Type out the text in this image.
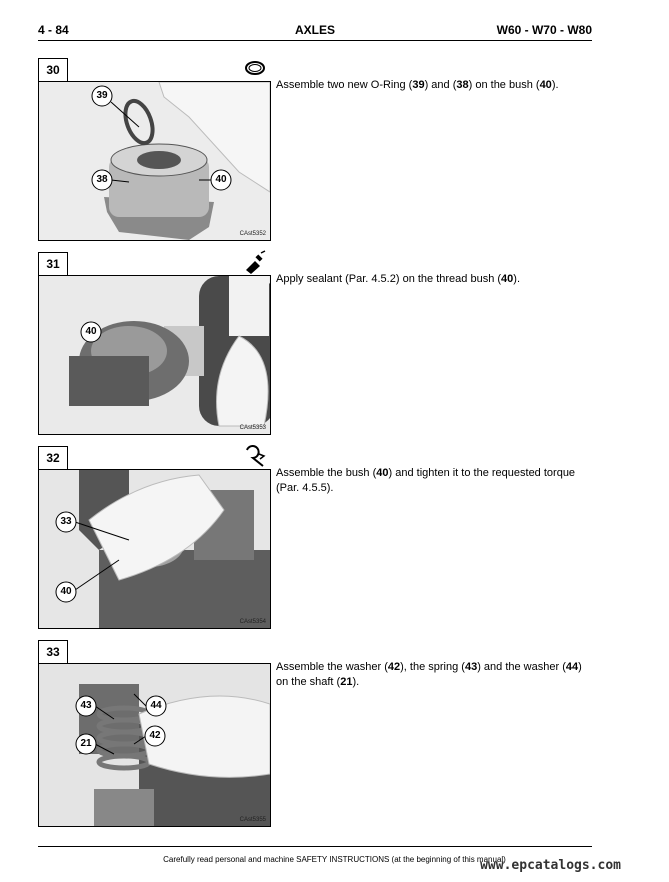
4 - 84	AXLES	W60 - W70 - W80
30
CAst5352
39
38	40
Assemble two new O-Ring (39) and (38) on the bush (40).
31
CAst5353
40
Apply sealant (Par. 4.5.2) on the thread bush (40).
32
CAst5354
33
40
Assemble the bush (40) and tighten it to the requested torque (Par. 4.5.5).
33
CAst5355
43	44
21
42
Assemble the washer (42), the spring (43) and the washer (44) on the shaft (21).
Carefully read personal and machine SAFETY INSTRUCTIONS (at the beginning of this manual)
www.epcatalogs.com
